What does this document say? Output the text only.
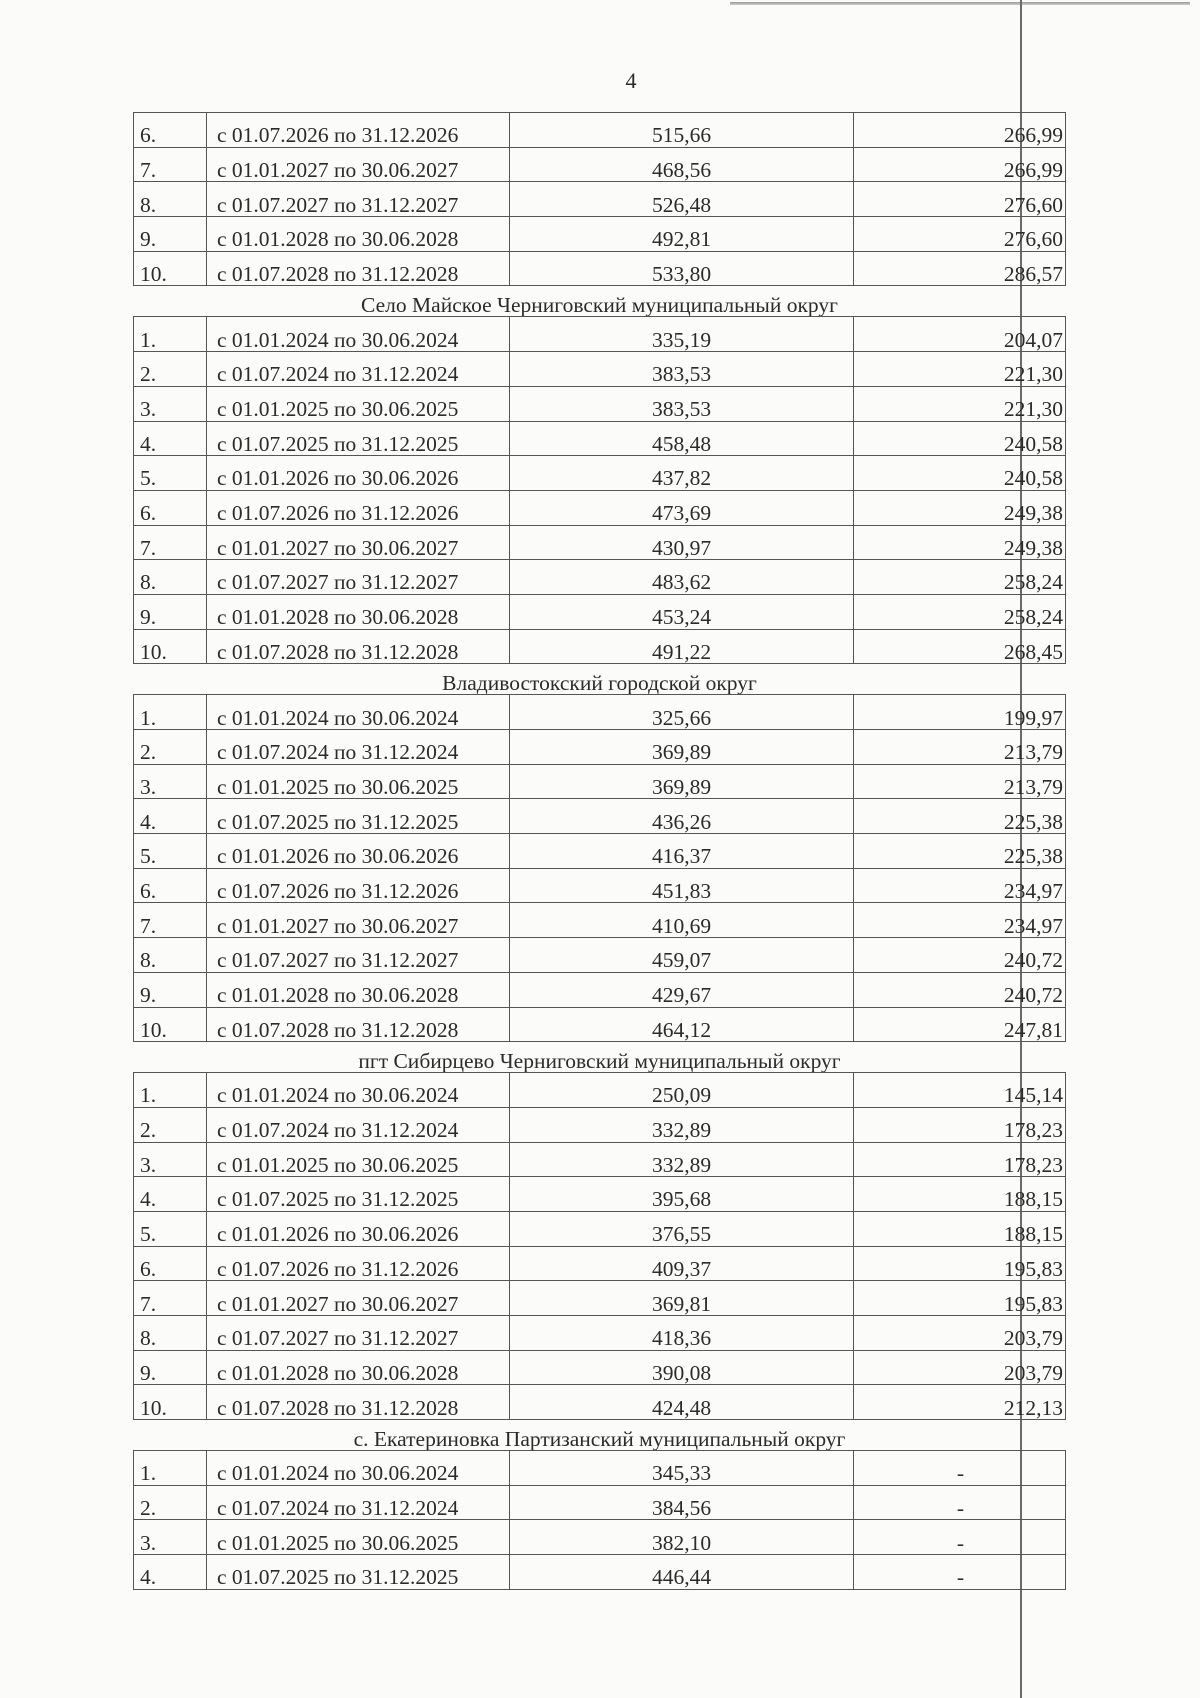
4
6.	с 01.07.2026 по 31.12.2026	515,66	266,99
7.	с 01.01.2027 по 30.06.2027	468,56	266,99
8.	с 01.07.2027 по 31.12.2027	526,48	276,60
9.	с 01.01.2028 по 30.06.2028	492,81	276,60
10.	с 01.07.2028 по 31.12.2028	533,80	286,57
Село Майское Черниговский муниципальный округ			
1.	с 01.01.2024 по 30.06.2024	335,19	204,07
2.	с 01.07.2024 по 31.12.2024	383,53	221,30
3.	с 01.01.2025 по 30.06.2025	383,53	221,30
4.	с 01.07.2025 по 31.12.2025	458,48	240,58
5.	с 01.01.2026 по 30.06.2026	437,82	240,58
6.	с 01.07.2026 по 31.12.2026	473,69	249,38
7.	с 01.01.2027 по 30.06.2027	430,97	249,38
8.	с 01.07.2027 по 31.12.2027	483,62	258,24
9.	с 01.01.2028 по 30.06.2028	453,24	258,24
10.	с 01.07.2028 по 31.12.2028	491,22	268,45
Владивостокский городской округ			
1.	с 01.01.2024 по 30.06.2024	325,66	199,97
2.	с 01.07.2024 по 31.12.2024	369,89	213,79
3.	с 01.01.2025 по 30.06.2025	369,89	213,79
4.	с 01.07.2025 по 31.12.2025	436,26	225,38
5.	с 01.01.2026 по 30.06.2026	416,37	225,38
6.	с 01.07.2026 по 31.12.2026	451,83	234,97
7.	с 01.01.2027 по 30.06.2027	410,69	234,97
8.	с 01.07.2027 по 31.12.2027	459,07	240,72
9.	с 01.01.2028 по 30.06.2028	429,67	240,72
10.	с 01.07.2028 по 31.12.2028	464,12	247,81
пгт Сибирцево Черниговский муниципальный округ			
1.	с 01.01.2024 по 30.06.2024	250,09	145,14
2.	с 01.07.2024 по 31.12.2024	332,89	178,23
3.	с 01.01.2025 по 30.06.2025	332,89	178,23
4.	с 01.07.2025 по 31.12.2025	395,68	188,15
5.	с 01.01.2026 по 30.06.2026	376,55	188,15
6.	с 01.07.2026 по 31.12.2026	409,37	195,83
7.	с 01.01.2027 по 30.06.2027	369,81	195,83
8.	с 01.07.2027 по 31.12.2027	418,36	203,79
9.	с 01.01.2028 по 30.06.2028	390,08	203,79
10.	с 01.07.2028 по 31.12.2028	424,48	212,13
с. Екатериновка Партизанский муниципальный округ			
1.	с 01.01.2024 по 30.06.2024	345,33	-
2.	с 01.07.2024 по 31.12.2024	384,56	-
3.	с 01.01.2025 по 30.06.2025	382,10	-
4.	с 01.07.2025 по 31.12.2025	446,44	-
